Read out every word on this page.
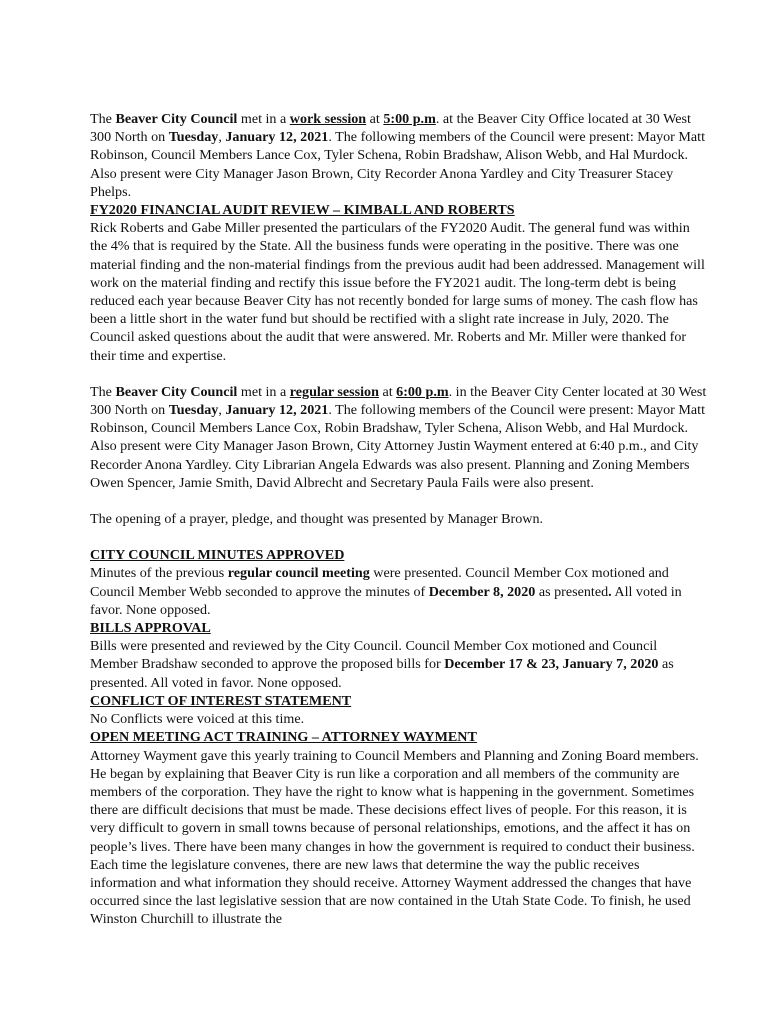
The Beaver City Council met in a work session at 5:00 p.m. at the Beaver City Office located at 30 West 300 North on Tuesday, January 12, 2021. The following members of the Council were present: Mayor Matt Robinson, Council Members Lance Cox, Tyler Schena, Robin Bradshaw, Alison Webb, and Hal Murdock. Also present were City Manager Jason Brown, City Recorder Anona Yardley and City Treasurer Stacey Phelps.

FY2020 FINANCIAL AUDIT REVIEW – KIMBALL AND ROBERTS

Rick Roberts and Gabe Miller presented the particulars of the FY2020 Audit. The general fund was within the 4% that is required by the State. All the business funds were operating in the positive. There was one material finding and the non-material findings from the previous audit had been addressed. Management will work on the material finding and rectify this issue before the FY2021 audit. The long-term debt is being reduced each year because Beaver City has not recently bonded for large sums of money. The cash flow has been a little short in the water fund but should be rectified with a slight rate increase in July, 2020. The Council asked questions about the audit that were answered. Mr. Roberts and Mr. Miller were thanked for their time and expertise.

The Beaver City Council met in a regular session at 6:00 p.m. in the Beaver City Center located at 30 West 300 North on Tuesday, January 12, 2021. The following members of the Council were present: Mayor Matt Robinson, Council Members Lance Cox, Robin Bradshaw, Tyler Schena, Alison Webb, and Hal Murdock. Also present were City Manager Jason Brown, City Attorney Justin Wayment entered at 6:40 p.m., and City Recorder Anona Yardley. City Librarian Angela Edwards was also present. Planning and Zoning Members Owen Spencer, Jamie Smith, David Albrecht and Secretary Paula Fails were also present.

The opening of a prayer, pledge, and thought was presented by Manager Brown.

CITY COUNCIL MINUTES APPROVED

Minutes of the previous regular council meeting were presented. Council Member Cox motioned and Council Member Webb seconded to approve the minutes of December 8, 2020 as presented. All voted in favor. None opposed.

BILLS APPROVAL

Bills were presented and reviewed by the City Council. Council Member Cox motioned and Council Member Bradshaw seconded to approve the proposed bills for December 17 & 23, January 7, 2020 as presented. All voted in favor. None opposed.

CONFLICT OF INTEREST STATEMENT

No Conflicts were voiced at this time.

OPEN MEETING ACT TRAINING – ATTORNEY WAYMENT

Attorney Wayment gave this yearly training to Council Members and Planning and Zoning Board members. He began by explaining that Beaver City is run like a corporation and all members of the community are members of the corporation. They have the right to know what is happening in the government. Sometimes there are difficult decisions that must be made. These decisions effect lives of people. For this reason, it is very difficult to govern in small towns because of personal relationships, emotions, and the affect it has on people’s lives. There have been many changes in how the government is required to conduct their business. Each time the legislature convenes, there are new laws that determine the way the public receives information and what information they should receive. Attorney Wayment addressed the changes that have occurred since the last legislative session that are now contained in the Utah State Code. To finish, he used Winston Churchill to illustrate the
